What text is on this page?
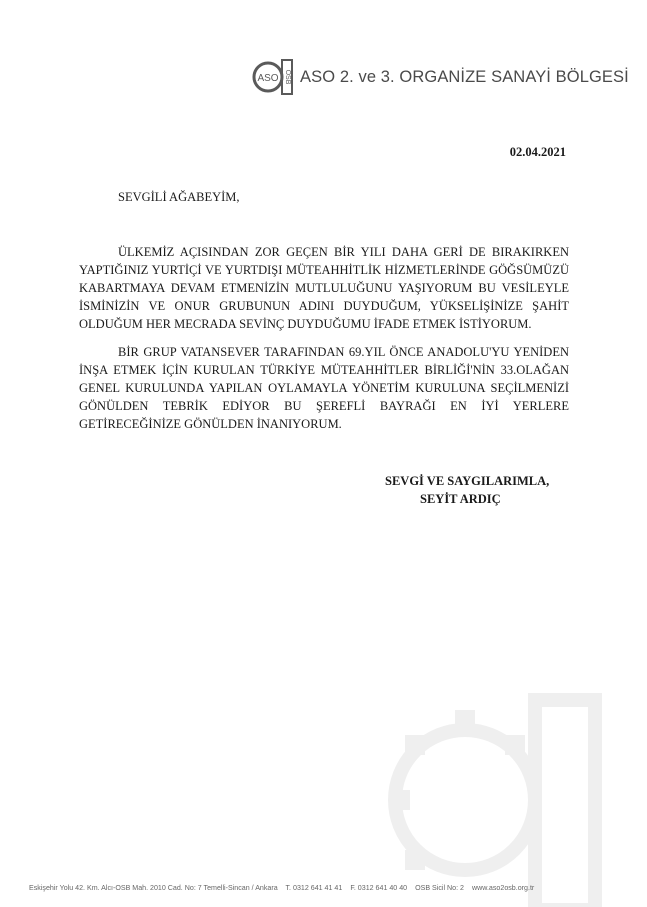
ASO OSB ASO 2. ve 3. ORGANİZE SANAYİ BÖLGESİ
02.04.2021
SEVGİLİ AĞABEYİM,

ÜLKEMİZ AÇISINDAN ZOR GEÇEN BİR YILI DAHA GERİ DE BIRAKIRKEN YAPTIĞINIZ YURTİÇİ VE YURTDIŞI MÜTEAHHİTLİK HİZMETLERİNDE GÖĞSÜMÜZÜ KABARTMAYA DEVAM ETMENİZİN MUTLULUĞUNU YAŞIYORUM BU VESİLEYLE İSMİNİZİN VE ONUR GRUBUNUN ADINI DUYDUĞUM, YÜKSELİŞİNİZE ŞAHİT OLDUĞUM HER MECRADA SEVİNÇ DUYDUĞUMU İFADE ETMEK İSTİYORUM.

BİR GRUP VATANSEVER TARAFINDAN 69.YIL ÖNCE ANADOLU'YU YENİDEN İNŞA ETMEK İÇİN KURULAN TÜRKİYE MÜTEAHHİTLER BİRLİĞİ'NİN 33.OLAĞAN GENEL KURULUNDA YAPILAN OYLAMAYLA YÖNETİM KURULUNA SEÇİLMENİZİ GÖNÜLDEN TEBRİK EDİYOR BU ŞEREFLİ BAYRAĞI EN İYİ YERLERE GETİRECEĞİNİZE GÖNÜLDEN İNANIYORUM.

SEVGİ VE SAYGILARIMLA,
SEYİT ARDIÇ
Eskişehir Yolu 42. Km. Alcı-OSB Mah. 2010 Cad. No: 7 Temelli-Sincan / Ankara T. 0312 641 41 41 F. 0312 641 40 40 OSB Sicil No: 2 www.aso2osb.org.tr
